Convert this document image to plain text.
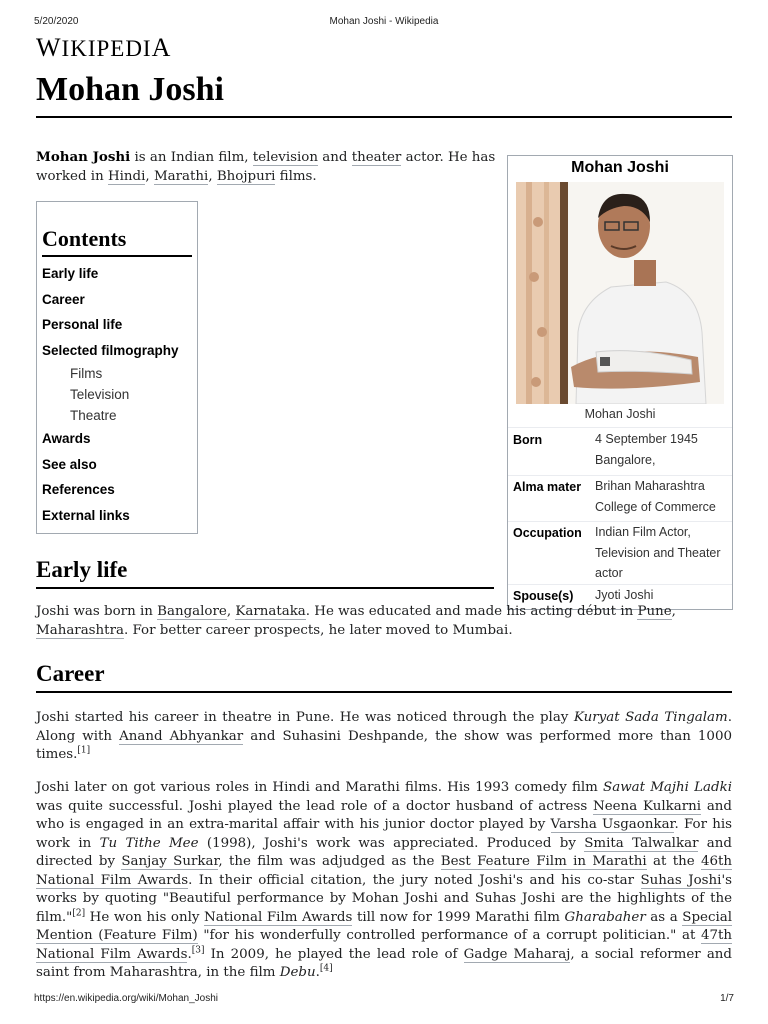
5/20/2020	Mohan Joshi - Wikipedia
WIKIPEDIA
Mohan Joshi

Mohan Joshi is an Indian film, television and theater actor. He has worked in Hindi, Marathi, Bhojpuri films.

Contents
Early life
Career
Personal life
Selected filmography
Films
Television
Theatre
Awards
See also
References
External links
Mohan Joshi
Mohan Joshi
Born	4 September 1945 Bangalore,
Alma mater Brihan Maharashtra College of Commerce
Occupation Indian Film Actor, Television and Theater actor
Spouse(s) Jyoti Joshi
Early life

Joshi was born in Bangalore, Karnataka. He was educated and made his acting début in Pune, Maharashtra. For better career prospects, he later moved to Mumbai.

Career

Joshi started his career in theatre in Pune. He was noticed through the play Kuryat Sada Tingalam. Along with Anand Abhyankar and Suhasini Deshpande, the show was performed more than 1000 times.[1]

Joshi later on got various roles in Hindi and Marathi films. His 1993 comedy film Sawat Majhi Ladki was quite successful. Joshi played the lead role of a doctor husband of actress Neena Kulkarni and who is engaged in an extra-marital affair with his junior doctor played by Varsha Usgaonkar. For his work in Tu Tithe Mee (1998), Joshi's work was appreciated. Produced by Smita Talwalkar and directed by Sanjay Surkar, the film was adjudged as the Best Feature Film in Marathi at the 46th National Film Awards. In their official citation, the jury noted Joshi's and his co-star Suhas Joshi's works by quoting "Beautiful performance by Mohan Joshi and Suhas Joshi are the highlights of the film."[2] He won his only National Film Awards till now for 1999 Marathi film Gharabaher as a Special Mention (Feature Film) "for his wonderfully controlled performance of a corrupt politician." at 47th National Film Awards.[3] In 2009, he played the lead role of Gadge Maharaj, a social reformer and saint from Maharashtra, in the film Debu.[4]

https://en.wikipedia.org/wiki/Mohan_Joshi	1/7
